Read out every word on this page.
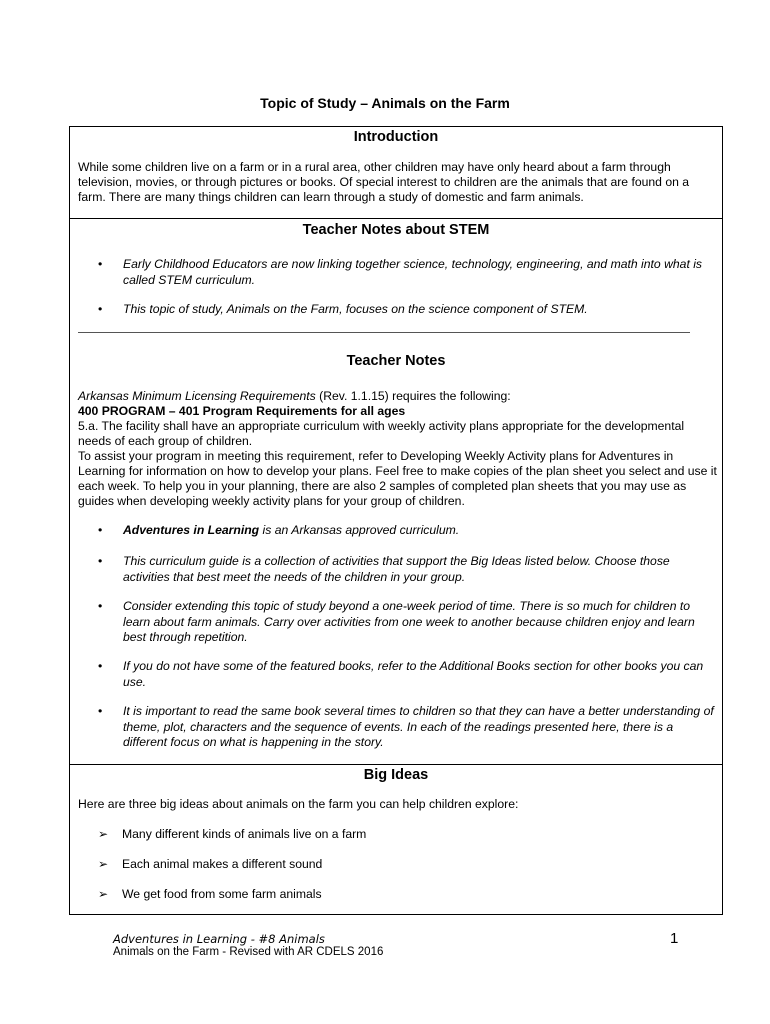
Topic of Study – Animals on the Farm
Introduction
While some children live on a farm or in a rural area, other children may have only heard about a farm through television, movies, or through pictures or books. Of special interest to children are the animals that are found on a farm. There are many things children can learn through a study of domestic and farm animals.
Teacher Notes about STEM
• Early Childhood Educators are now linking together science, technology, engineering, and math into what is called STEM curriculum.
• This topic of study, Animals on the Farm, focuses on the science component of STEM.
Teacher Notes
Arkansas Minimum Licensing Requirements (Rev. 1.1.15) requires the following:
400 PROGRAM – 401 Program Requirements for all ages
5.a. The facility shall have an appropriate curriculum with weekly activity plans appropriate for the developmental needs of each group of children.
To assist your program in meeting this requirement, refer to Developing Weekly Activity plans for Adventures in Learning for information on how to develop your plans. Feel free to make copies of the plan sheet you select and use it each week. To help you in your planning, there are also 2 samples of completed plan sheets that you may use as guides when developing weekly activity plans for your group of children.
• Adventures in Learning is an Arkansas approved curriculum.
• This curriculum guide is a collection of activities that support the Big Ideas listed below. Choose those activities that best meet the needs of the children in your group.
• Consider extending this topic of study beyond a one-week period of time. There is so much for children to learn about farm animals. Carry over activities from one week to another because children enjoy and learn best through repetition.
• If you do not have some of the featured books, refer to the Additional Books section for other books you can use.
• It is important to read the same book several times to children so that they can have a better understanding of theme, plot, characters and the sequence of events. In each of the readings presented here, there is a different focus on what is happening in the story.
Big Ideas
Here are three big ideas about animals on the farm you can help children explore:
➢ Many different kinds of animals live on a farm
➢ Each animal makes a different sound
➢ We get food from some farm animals
Adventures in Learning - #8 Animals
Animals on the Farm - Revised with AR CDELS 2016
1
